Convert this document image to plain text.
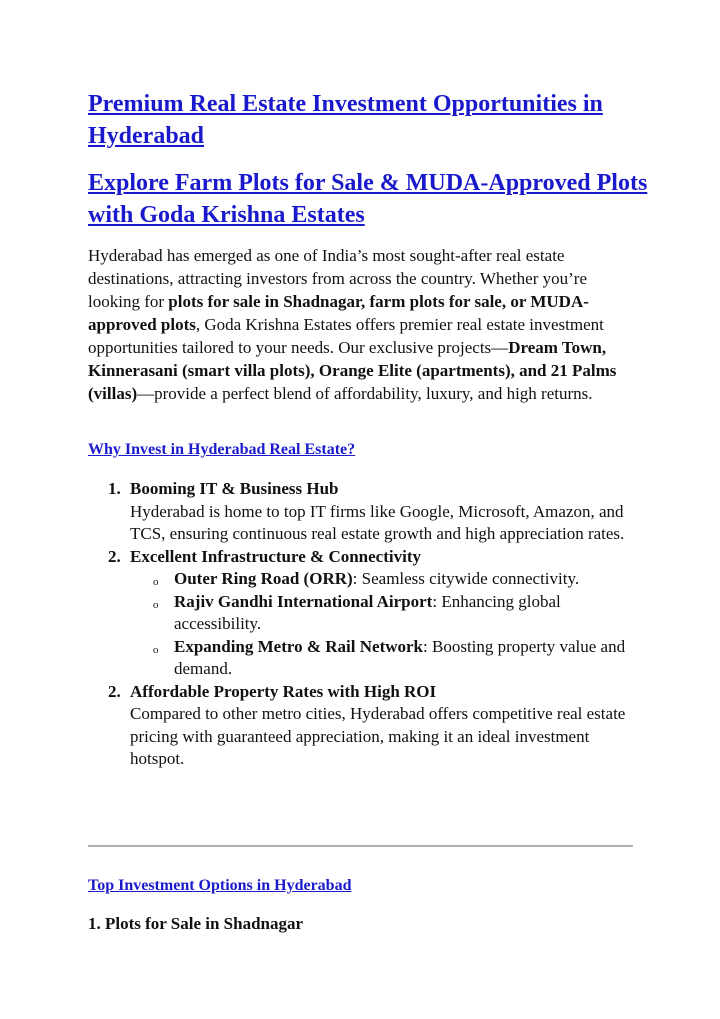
Premium Real Estate Investment Opportunities in Hyderabad
Explore Farm Plots for Sale & MUDA-Approved Plots with Goda Krishna Estates

Hyderabad has emerged as one of India’s most sought-after real estate destinations, attracting investors from across the country. Whether you’re looking for plots for sale in Shadnagar, farm plots for sale, or MUDA-approved plots, Goda Krishna Estates offers premier real estate investment opportunities tailored to your needs. Our exclusive projects—Dream Town, Kinnerasani (smart villa plots), Orange Elite (apartments), and 21 Palms (villas)—provide a perfect blend of affordability, luxury, and high returns.

Why Invest in Hyderabad Real Estate?
1. Booming IT & Business Hub
Hyderabad is home to top IT firms like Google, Microsoft, Amazon, and TCS, ensuring continuous real estate growth and high appreciation rates.
2. Excellent Infrastructure & Connectivity
o Outer Ring Road (ORR): Seamless citywide connectivity.
o Rajiv Gandhi International Airport: Enhancing global accessibility.
o Expanding Metro & Rail Network: Boosting property value and demand.
2. Affordable Property Rates with High ROI
Compared to other metro cities, Hyderabad offers competitive real estate pricing with guaranteed appreciation, making it an ideal investment hotspot.
Top Investment Options in Hyderabad
1. Plots for Sale in Shadnagar
